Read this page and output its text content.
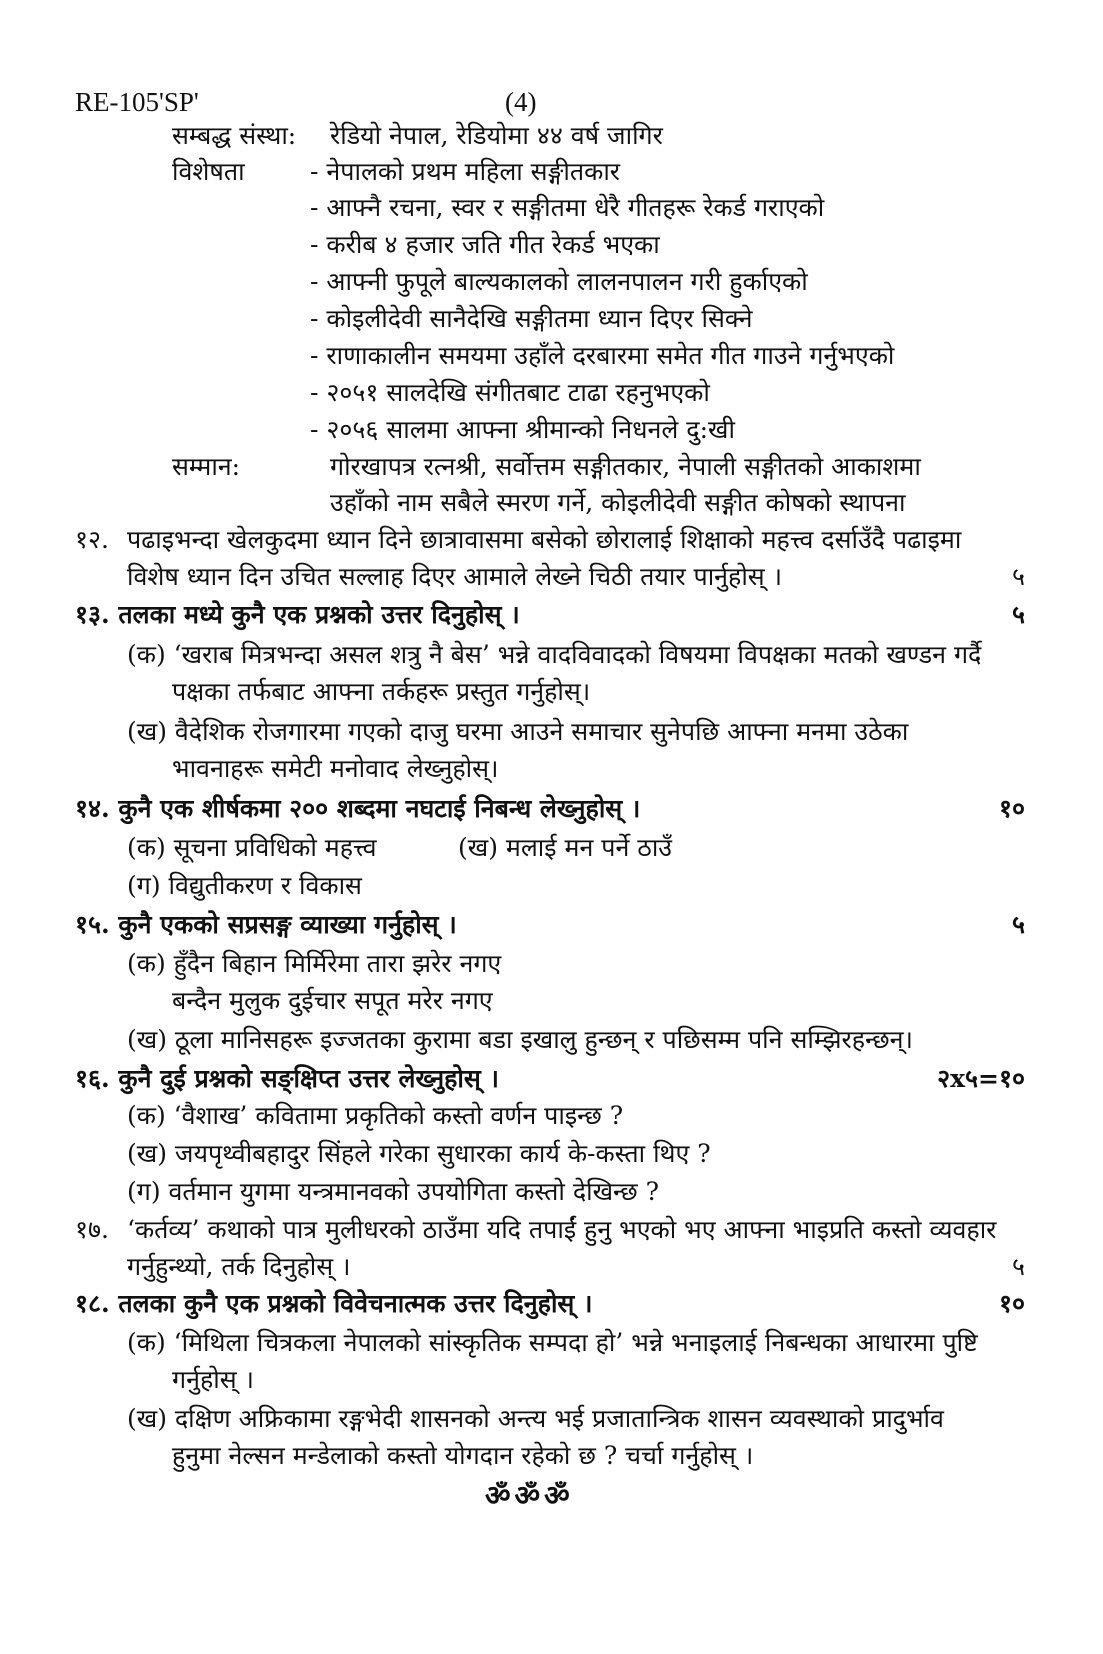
RE-105'SP'	(4)
सम्बद्ध संस्था: रेडियो नेपाल, रेडियोमा ४४ वर्ष जागिर
विशेषता	- नेपालको प्रथम महिला सङ्गीतकार
- आफ्नै रचना, स्वर र सङ्गीतमा धेरै गीतहरू रेकर्ड गराएको
- करीब ४ हजार जति गीत रेकर्ड भएका
- आफ्नी फुपूले बाल्यकालको लालनपालन गरी हुर्काएको
- कोइलीदेवी सानैदेखि सङ्गीतमा ध्यान दिएर सिक्ने
- राणाकालीन समयमा उहाँले दरबारमा समेत गीत गाउने गर्नुभएको
- २०५१ सालदेखि संगीतबाट टाढा रहनुभएको
- २०५६ सालमा आफ्ना श्रीमान्को निधनले दु:खी
सम्मान:	गोरखापत्र रत्नश्री, सर्वोत्तम सङ्गीतकार, नेपाली सङ्गीतको आकाशमा
उहाँको नाम सबैले स्मरण गर्ने, कोइलीदेवी सङ्गीत कोषको स्थापना
१२. पढाइभन्दा खेलकुदमा ध्यान दिने छात्रावासमा बसेको छोरालाई शिक्षाको महत्त्व दर्साउँदै पढाइमा
विशेष ध्यान दिन उचित सल्लाह दिएर आमाले लेख्ने चिठी तयार पार्नुहोस् ।	५
१३. तलका मध्ये कुनै एक प्रश्नको उत्तर दिनुहोस् ।	५
(क) ‘खराब मित्रभन्दा असल शत्रु नै बेस’ भन्ने वादविवादको विषयमा विपक्षका मतको खण्डन गर्दै
पक्षका तर्फबाट आफ्ना तर्कहरू प्रस्तुत गर्नुहोस्।
(ख) वैदेशिक रोजगारमा गएको दाजु घरमा आउने समाचार सुनेपछि आफ्ना मनमा उठेका
भावनाहरू समेटी मनोवाद लेख्नुहोस्।
१४. कुनै एक शीर्षकमा २०० शब्दमा नघटाई निबन्ध लेख्नुहोस् ।	१०
(क) सूचना प्रविधिको महत्त्व	(ख) मलाई मन पर्ने ठाउँ
(ग) विद्युतीकरण र विकास
१५. कुनै एकको सप्रसङ्ग व्याख्या गर्नुहोस् ।	५
(क) हुँदैन बिहान मिर्मिरेमा तारा झरेर नगए
बन्दैन मुलुक दुईचार सपूत मरेर नगए
(ख) ठूला मानिसहरू इज्जतका कुरामा बडा इखालु हुन्छन् र पछिसम्म पनि सम्झिरहन्छन्।
१६. कुनै दुई प्रश्नको सङ्क्षिप्त उत्तर लेख्नुहोस् ।	२x५=१०
(क) ‘वैशाख’ कवितामा प्रकृतिको कस्तो वर्णन पाइन्छ ?
(ख) जयपृथ्वीबहादुर सिंहले गरेका सुधारका कार्य के-कस्ता थिए ?
(ग) वर्तमान युगमा यन्त्रमानवको उपयोगिता कस्तो देखिन्छ ?
१७. ‘कर्तव्य’ कथाको पात्र मुलीधरको ठाउँमा यदि तपाईं हुनु भएको भए आफ्ना भाइप्रति कस्तो व्यवहार
गर्नुहुन्थ्यो, तर्क दिनुहोस् ।	५
१८. तलका कुनै एक प्रश्नको विवेचनात्मक उत्तर दिनुहोस् ।	१०
(क) ‘मिथिला चित्रकला नेपालको सांस्कृतिक सम्पदा हो’ भन्ने भनाइलाई निबन्धका आधारमा पुष्टि
गर्नुहोस् ।
(ख) दक्षिण अफ्रिकामा रङ्गभेदी शासनको अन्त्य भई प्रजातान्त्रिक शासन व्यवस्थाको प्रादुर्भाव
हुनुमा नेल्सन मन्डेलाको कस्तो योगदान रहेको छ ? चर्चा गर्नुहोस् ।
ॐॐॐ
